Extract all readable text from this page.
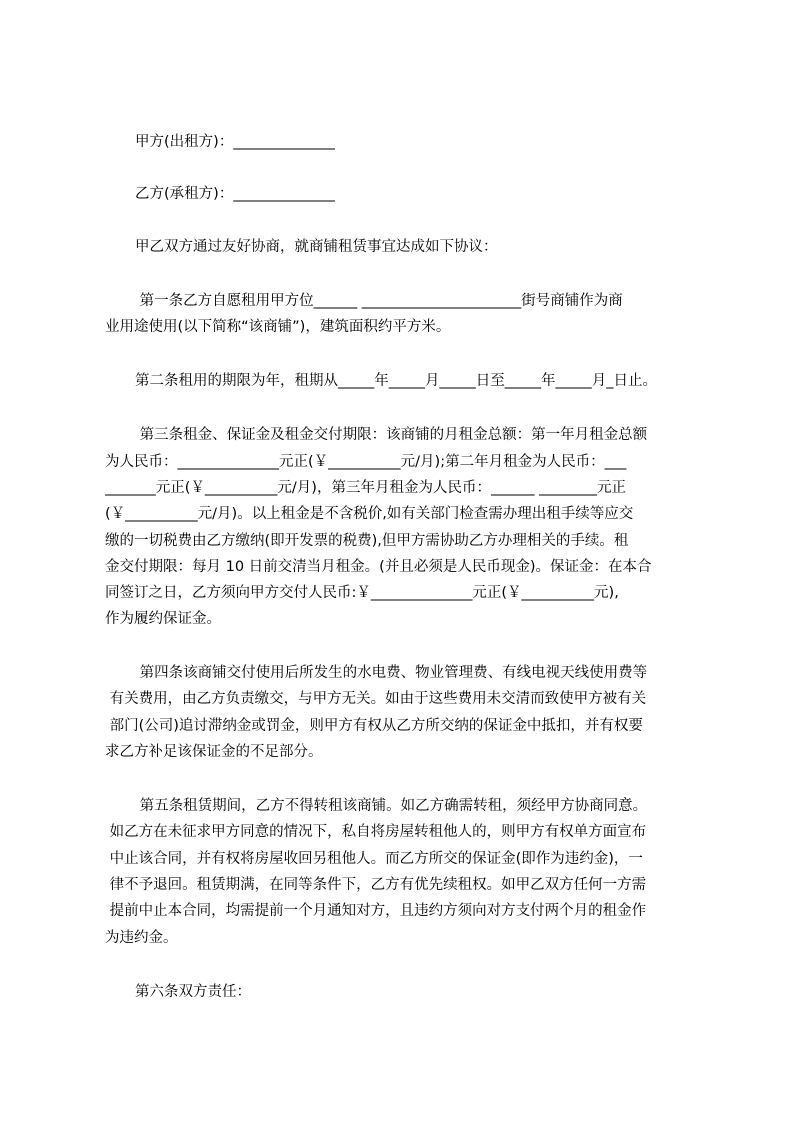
甲方(出租方)：______________
乙方(承租方)：______________
甲乙双方通过友好协商，就商铺租赁事宜达成如下协议：
第一条乙方自愿租用甲方位______ ______________________街号商铺作为商
业用途使用(以下简称“该商铺”)，建筑面积约平方米。
第二条租用的期限为年，租期从_____年_____月_____日至_____年_____月_日止。
第三条租金、保证金及租金交付期限：该商铺的月租金总额：第一年月租金总额
为人民币：______________元正(￥__________元/月);第二年月租金为人民币：___
_______元正(￥__________元/月)，第三年月租金为人民币：______ ________元正
(￥__________元/月)。以上租金是不含税价,如有关部门检查需办理出租手续等应交
缴的一切税费由乙方缴纳(即开发票的税费),但甲方需协助乙方办理相关的手续。租
金交付期限：每月 10 日前交清当月租金。(并且必须是人民币现金)。保证金：在本合
同签订之日，乙方须向甲方交付人民币:￥______________元正(￥__________元),
作为履约保证金。
第四条该商铺交付使用后所发生的水电费、物业管理费、有线电视天线使用费等
有关费用，由乙方负责缴交，与甲方无关。如由于这些费用未交清而致使甲方被有关
部门(公司)追讨滞纳金或罚金，则甲方有权从乙方所交纳的保证金中抵扣，并有权要
求乙方补足该保证金的不足部分。
第五条租赁期间，乙方不得转租该商铺。如乙方确需转租，须经甲方协商同意。
如乙方在未征求甲方同意的情况下，私自将房屋转租他人的，则甲方有权单方面宣布
中止该合同，并有权将房屋收回另租他人。而乙方所交的保证金(即作为违约金)，一
律不予退回。租赁期满，在同等条件下，乙方有优先续租权。如甲乙双方任何一方需
提前中止本合同，均需提前一个月通知对方，且违约方须向对方支付两个月的租金作
为违约金。
第六条双方责任：
